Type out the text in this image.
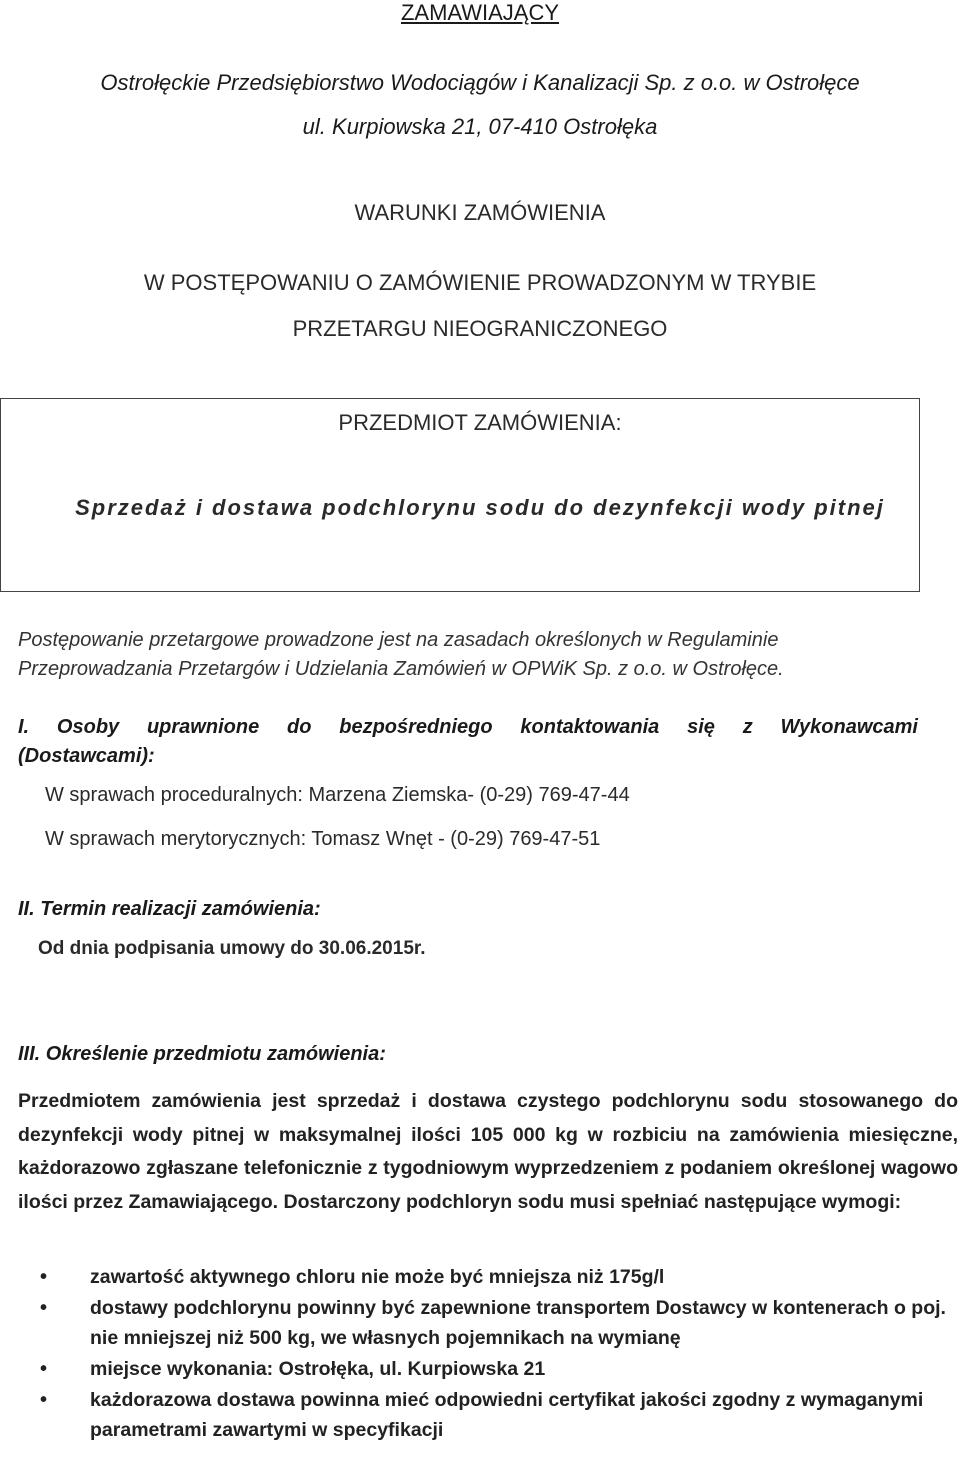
ZAMAWIAJĄCY
Ostrołęckie Przedsiębiorstwo Wodociągów i Kanalizacji Sp. z o.o. w Ostrołęce
ul. Kurpiowska 21, 07-410 Ostrołęka
WARUNKI ZAMÓWIENIA
W POSTĘPOWANIU O ZAMÓWIENIE PROWADZONYM W TRYBIE
PRZETARGU NIEOGRANICZONEGO
PRZEDMIOT ZAMÓWIENIA:
Sprzedaż i dostawa podchlorynu sodu do dezynfekcji wody pitnej
Postępowanie przetargowe prowadzone jest na zasadach określonych w Regulaminie Przeprowadzania Przetargów i Udzielania Zamówień w OPWiK Sp. z o.o. w Ostrołęce.
I. Osoby uprawnione do bezpośredniego kontaktowania się z Wykonawcami
(Dostawcami):
W sprawach proceduralnych: Marzena Ziemska- (0-29) 769-47-44
W sprawach merytorycznych: Tomasz Wnęt - (0-29) 769-47-51
II. Termin realizacji zamówienia:
Od dnia podpisania umowy do 30.06.2015r.
III. Określenie przedmiotu zamówienia:
Przedmiotem zamówienia jest sprzedaż i dostawa czystego podchlorynu sodu stosowanego do dezynfekcji wody pitnej w maksymalnej ilości 105 000 kg w rozbiciu na zamówienia miesięczne, każdorazowo zgłaszane telefonicznie z tygodniowym wyprzedzeniem z podaniem określonej wagowo ilości przez Zamawiającego. Dostarczony podchloryn sodu musi spełniać następujące wymogi:
• zawartość aktywnego chloru nie może być mniejsza niż 175g/l
• dostawy podchlorynu powinny być zapewnione transportem Dostawcy w kontenerach o poj. nie mniejszej niż 500 kg, we własnych pojemnikach na wymianę
• miejsce wykonania: Ostrołęka, ul. Kurpiowska 21
• każdorazowa dostawa powinna mieć odpowiedni certyfikat jakości zgodny z wymaganymi parametrami zawartymi w specyfikacji
